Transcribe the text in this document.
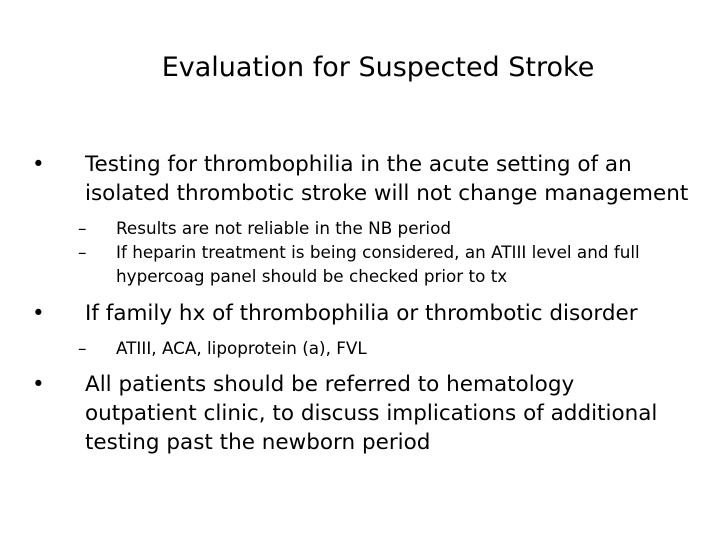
Evaluation for Suspected Stroke
• Testing for thrombophilia in the acute setting of an isolated thrombotic stroke will not change management
– Results are not reliable in the NB period
– If heparin treatment is being considered, an ATIII level and full hypercoag panel should be checked prior to tx
• If family hx of thrombophilia or thrombotic disorder
– ATIII, ACA, lipoprotein (a), FVL
• All patients should be referred to hematology outpatient clinic, to discuss implications of additional testing past the newborn period
